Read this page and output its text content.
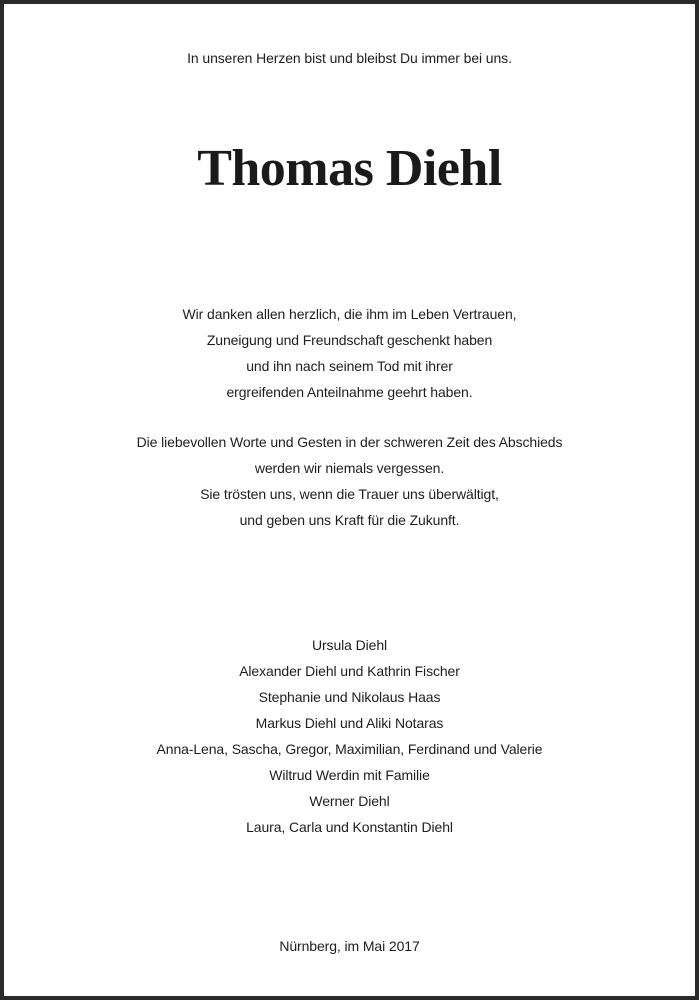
In unseren Herzen bist und bleibst Du immer bei uns.
Thomas Diehl
Wir danken allen herzlich, die ihm im Leben Vertrauen,
Zuneigung und Freundschaft geschenkt haben
und ihn nach seinem Tod mit ihrer
ergreifenden Anteilnahme geehrt haben.
Die liebevollen Worte und Gesten in der schweren Zeit des Abschieds
werden wir niemals vergessen.
Sie trösten uns, wenn die Trauer uns überwältigt,
und geben uns Kraft für die Zukunft.
Ursula Diehl
Alexander Diehl und Kathrin Fischer
Stephanie und Nikolaus Haas
Markus Diehl und Aliki Notaras
Anna-Lena, Sascha, Gregor, Maximilian, Ferdinand und Valerie
Wiltrud Werdin mit Familie
Werner Diehl
Laura, Carla und Konstantin Diehl
Nürnberg, im Mai 2017
